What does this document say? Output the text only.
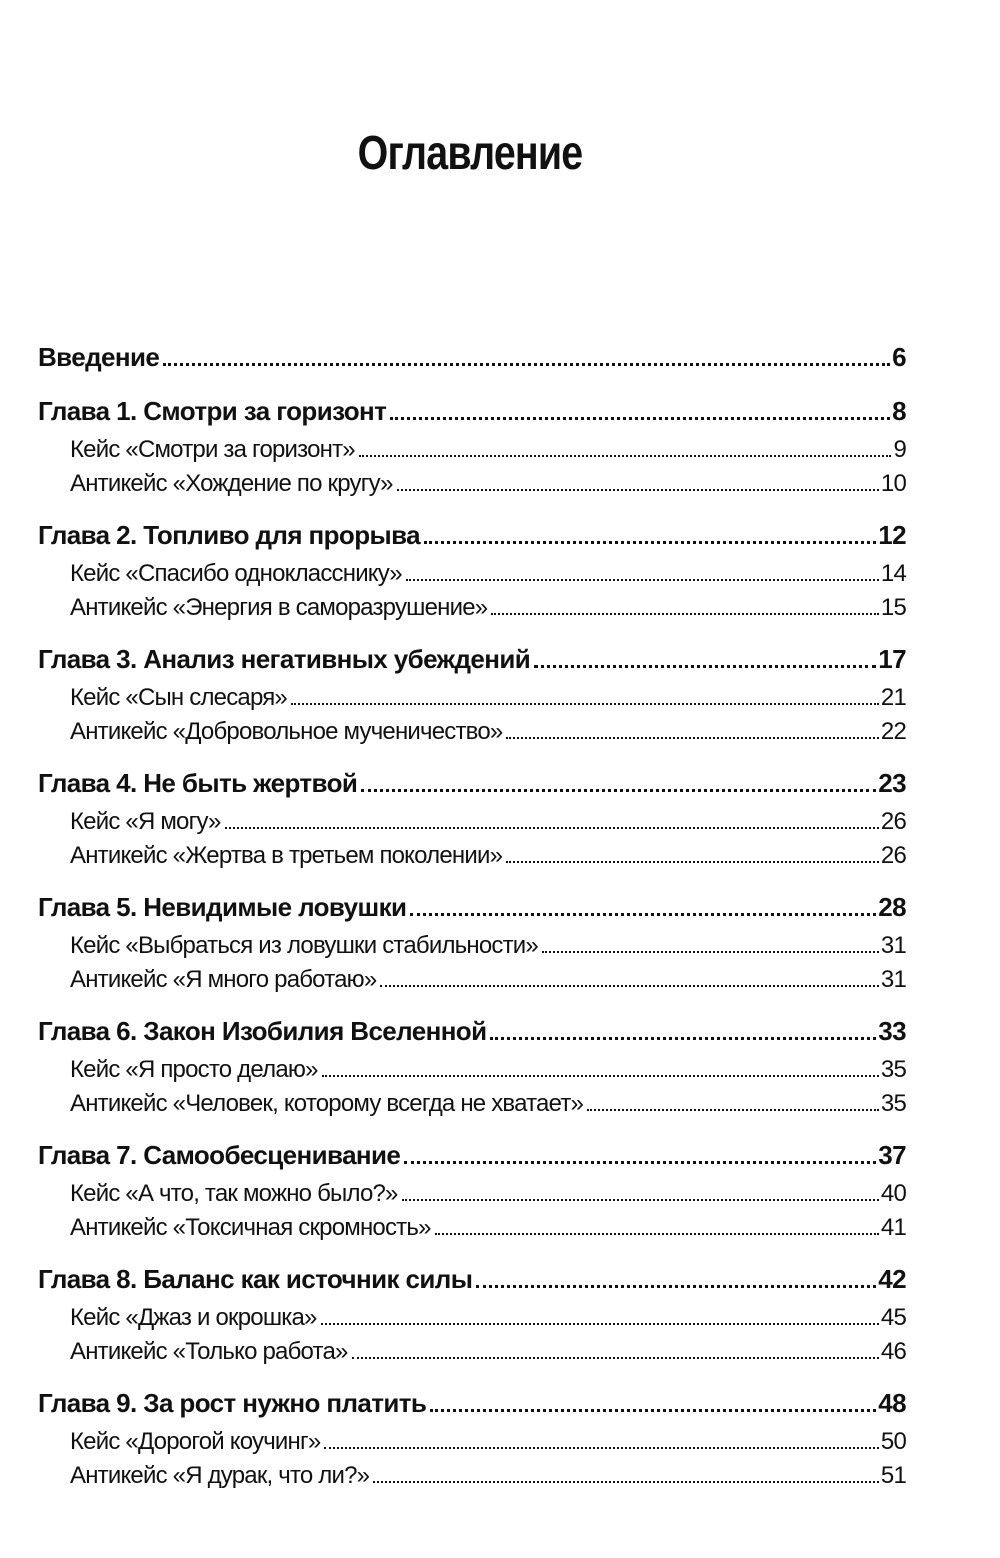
Оглавление
Введение	6
Глава 1. Смотри за горизонт	8
Кейс «Смотри за горизонт»	9
Антикейс «Хождение по кругу»	10
Глава 2. Топливо для прорыва	12
Кейс «Спасибо однокласснику»	14
Антикейс «Энергия в саморазрушение»	15
Глава 3. Анализ негативных убеждений	17
Кейс «Сын слесаря»	21
Антикейс «Добровольное мученичество»	22
Глава 4. Не быть жертвой	23
Кейс «Я могу»	26
Антикейс «Жертва в третьем поколении»	26
Глава 5. Невидимые ловушки	28
Кейс «Выбраться из ловушки стабильности»	31
Антикейс «Я много работаю»	31
Глава 6. Закон Изобилия Вселенной	33
Кейс «Я просто делаю»	35
Антикейс «Человек, которому всегда не хватает»	35
Глава 7. Самообесценивание	37
Кейс «А что, так можно было?»	40
Антикейс «Токсичная скромность»	41
Глава 8. Баланс как источник силы	42
Кейс «Джаз и окрошка»	45
Антикейс «Только работа»	46
Глава 9. За рост нужно платить	48
Кейс «Дорогой коучинг»	50
Антикейс «Я дурак, что ли?»	51
